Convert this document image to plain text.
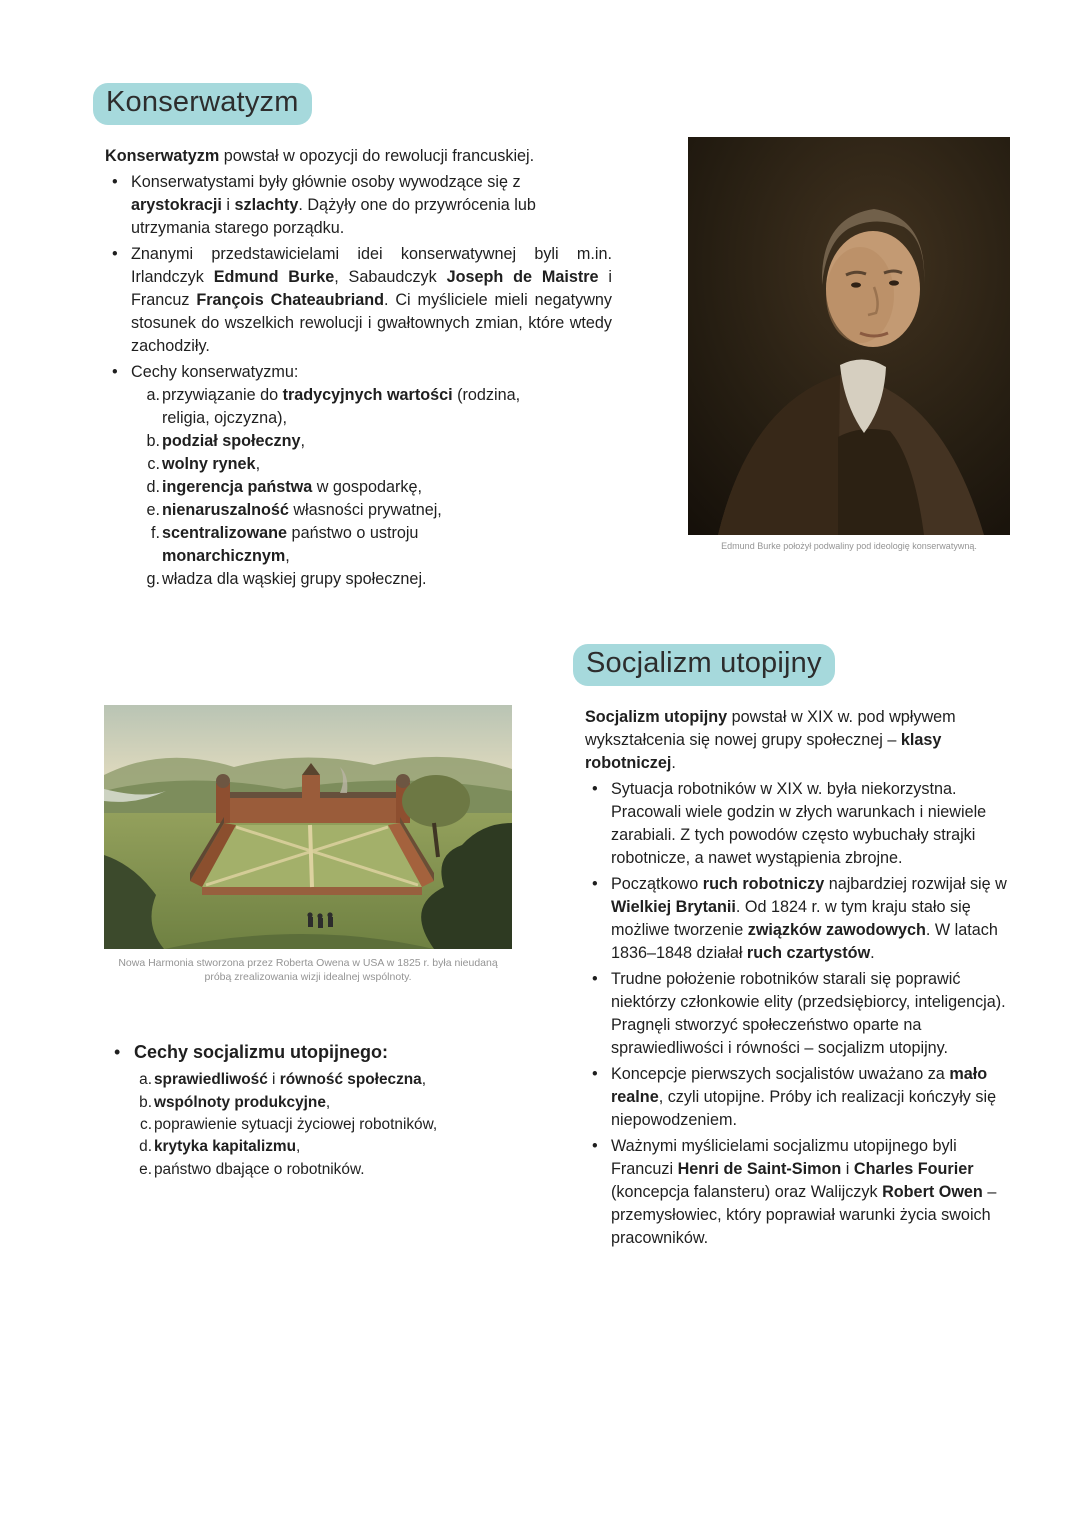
Konserwatyzm

Konserwatyzm powstał w opozycji do rewolucji francuskiej.

• Konserwatystami były głównie osoby wywodzące się z arystokracji i szlachty. Dążyły one do przywrócenia lub utrzymania starego porządku.
• Znanymi przedstawicielami idei konserwatywnej byli m.in. Irlandczyk Edmund Burke, Sabaudczyk Joseph de Maistre i Francuz François Chateaubriand. Ci myśliciele mieli negatywny stosunek do wszelkich rewolucji i gwałtownych zmian, które wtedy zachodziły.
• Cechy konserwatyzmu:
a. przywiązanie do tradycyjnych wartości (rodzina, religia, ojczyzna),
b. podział społeczny,
c. wolny rynek,
d. ingerencja państwa w gospodarkę,
e. nienaruszalność własności prywatnej,
f. scentralizowane państwo o ustroju monarchicznym,
g. władza dla wąskiej grupy społecznej.
Edmund Burke położył podwaliny pod ideologię konserwatywną.
Socjalizm utopijny

Socjalizm utopijny powstał w XIX w. pod wpływem wykształcenia się nowej grupy społecznej – klasy robotniczej.

• Sytuacja robotników w XIX w. była niekorzystna. Pracowali wiele godzin w złych warunkach i niewiele zarabiali. Z tych powodów często wybuchały strajki robotnicze, a nawet wystąpienia zbrojne.
• Początkowo ruch robotniczy najbardziej rozwijał się w Wielkiej Brytanii. Od 1824 r. w tym kraju stało się możliwe tworzenie związków zawodowych. W latach 1836–1848 działał ruch czartystów.
• Trudne położenie robotników starali się poprawić niektórzy członkowie elity (przedsiębiorcy, inteligencja). Pragnęli stworzyć społeczeństwo oparte na sprawiedliwości i równości – socjalizm utopijny.
• Koncepcje pierwszych socjalistów uważano za mało realne, czyli utopijne. Próby ich realizacji kończyły się niepowodzeniem.
• Ważnymi myślicielami socjalizmu utopijnego byli Francuzi Henri de Saint-Simon i Charles Fourier (koncepcja falansteru) oraz Walijczyk Robert Owen – przemysłowiec, który poprawiał warunki życia swoich pracowników.
Nowa Harmonia stworzona przez Roberta Owena w USA w 1825 r. była nieudaną próbą zrealizowania wizji idealnej wspólnoty.
• Cechy socjalizmu utopijnego:
a. sprawiedliwość i równość społeczna,
b. wspólnoty produkcyjne,
c. poprawienie sytuacji życiowej robotników,
d. krytyka kapitalizmu,
e. państwo dbające o robotników.
